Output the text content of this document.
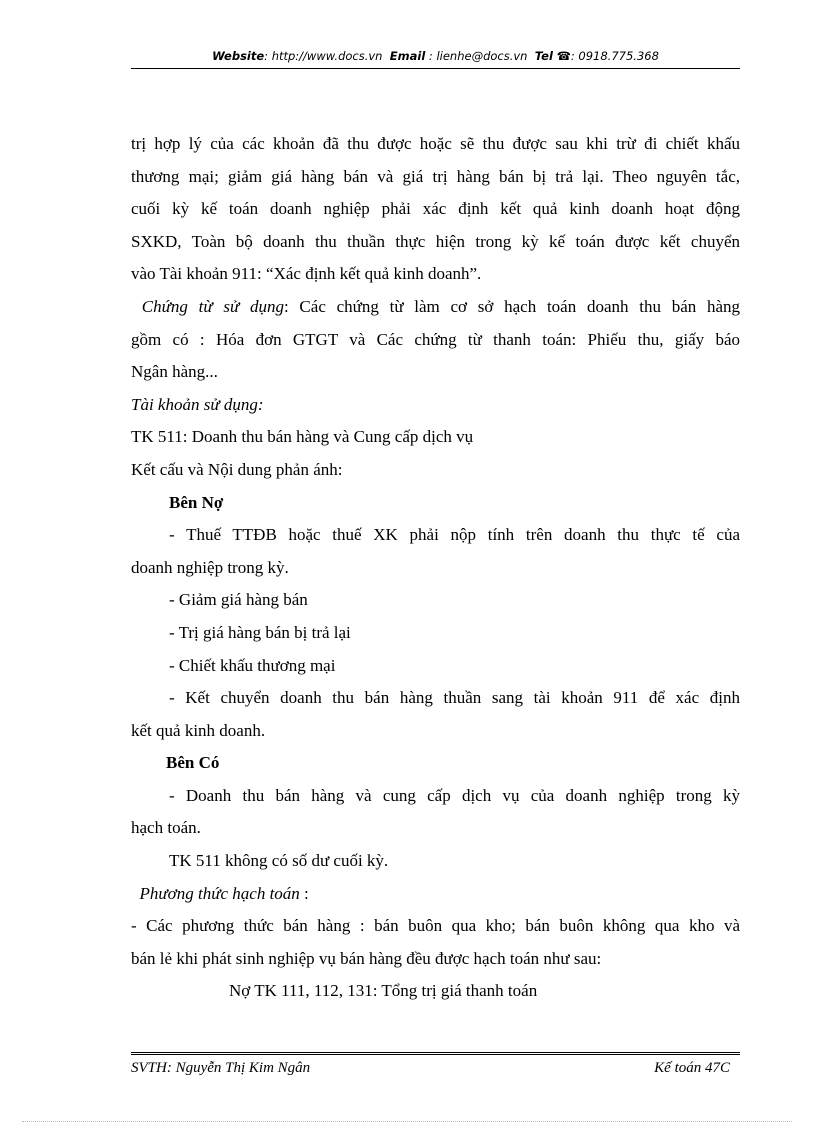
Website: http://www.docs.vn Email : lienhe@docs.vn Tel ☎: 0918.775.368

trị hợp lý của các khoản đã thu được hoặc sẽ thu được sau khi trừ đi chiết khấu

thương mại; giảm giá hàng bán và giá trị hàng bán bị trả lại. Theo nguyên tắc,

cuối kỳ kế toán doanh nghiệp phải xác định kết quả kinh doanh hoạt động

SXKD, Toàn bộ doanh thu thuần thực hiện trong kỳ kế toán được kết chuyển

vào Tài khoản 911: “Xác định kết quả kinh doanh”.

Chứng từ sử dụng: Các chứng từ làm cơ sở hạch toán doanh thu bán hàng

gồm có : Hóa đơn GTGT và Các chứng từ thanh toán: Phiếu thu, giấy báo

Ngân hàng...

Tài khoản sử dụng:

TK 511: Doanh thu bán hàng và Cung cấp dịch vụ

Kết cấu và Nội dung phản ánh:

Bên Nợ

- Thuế TTĐB hoặc thuế XK phải nộp tính trên doanh thu thực tế của

doanh nghiệp trong kỳ.

- Giảm giá hàng bán

- Trị giá hàng bán bị trả lại

- Chiết khấu thương mại

- Kết chuyển doanh thu bán hàng thuần sang tài khoản 911 để xác định

kết quả kinh doanh.

Bên Có

- Doanh thu bán hàng và cung cấp dịch vụ của doanh nghiệp trong kỳ

hạch toán.

TK 511 không có số dư cuối kỳ.

Phương thức hạch toán :

- Các phương thức bán hàng : bán buôn qua kho; bán buôn không qua kho và

bán lẻ khi phát sinh nghiệp vụ bán hàng đều được hạch toán như sau:

Nợ TK 111, 112, 131: Tổng trị giá thanh toán

SVTH: Nguyễn Thị Kim Ngân	Kế toán 47C
